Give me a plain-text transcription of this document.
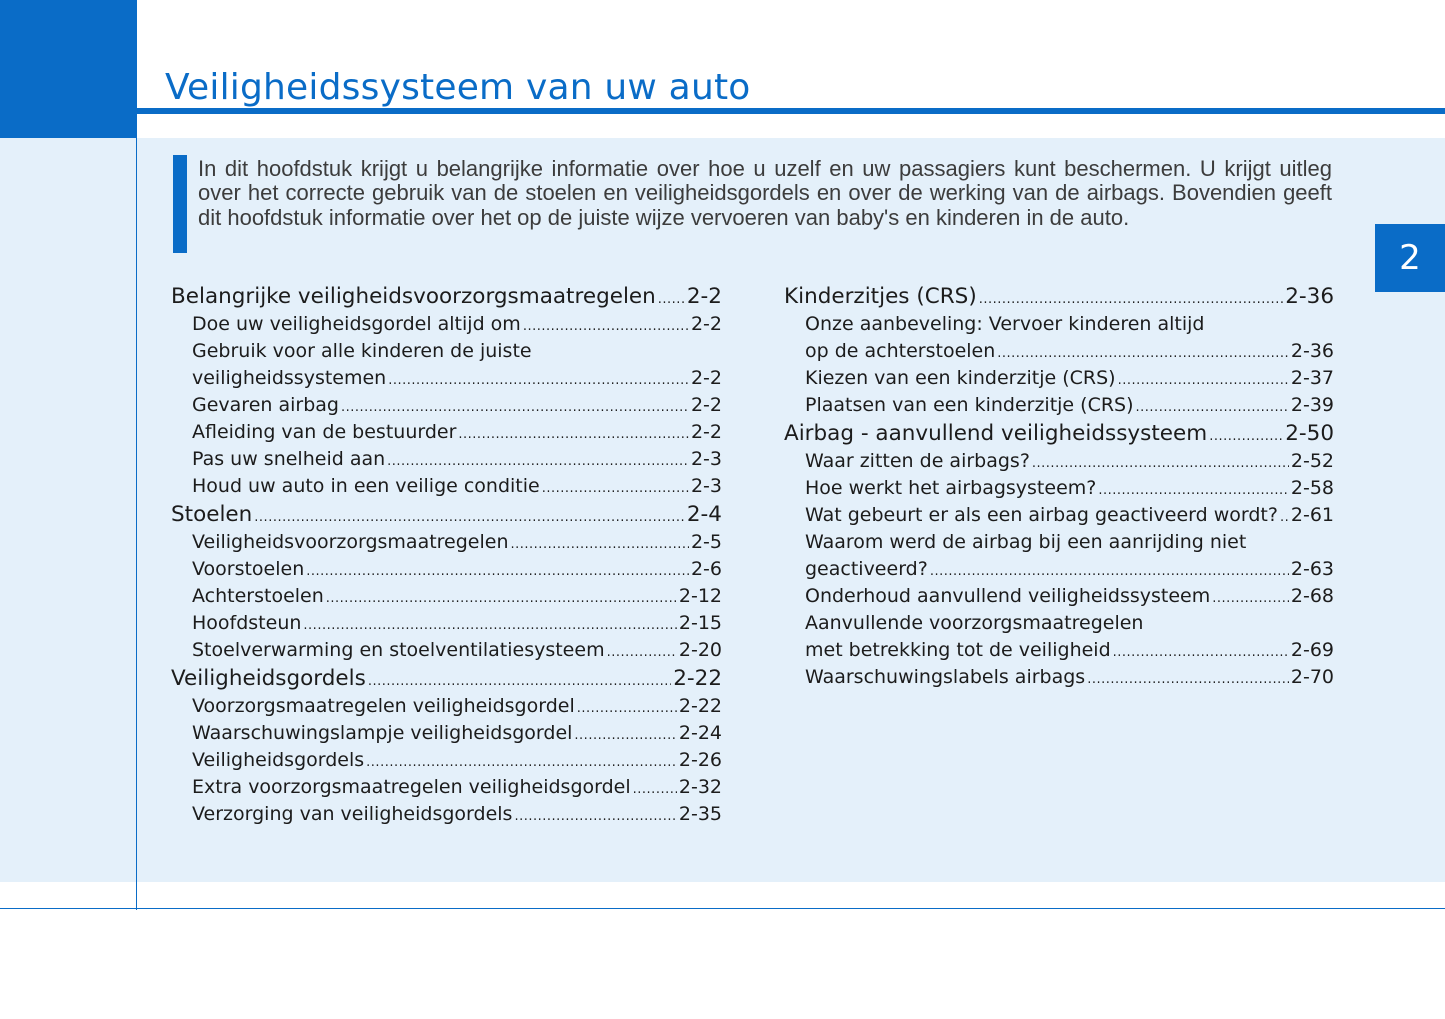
Veiligheidssysteem van uw auto
2

In dit hoofdstuk krijgt u belangrijke informatie over hoe u uzelf en uw passagiers kunt beschermen. U krijgt uitleg over het correcte gebruik van de stoelen en veiligheidsgordels en over de werking van de airbags. Bovendien geeft dit hoofdstuk informatie over het op de juiste wijze vervoeren van baby's en kinderen in de auto.

Belangrijke veiligheidsvoorzorgsmaatregelen ..... 2-2
Doe uw veiligheidsgordel altijd om .....	2-2
Gebruik voor alle kinderen de juiste
veiligheidssystemen .....	2-2
Gevaren airbag .....	2-2
Afleiding van de bestuurder .....	2-2
Pas uw snelheid aan .....	2-3
Houd uw auto in een veilige conditie .....	2-3
Stoelen .....	2-4
Veiligheidsvoorzorgsmaatregelen .....	2-5
Voorstoelen .....	2-6
Achterstoelen .....	2-12
Hoofdsteun .....	2-15
Stoelverwarming en stoelventilatiesysteem .....	2-20
Veiligheidsgordels .....	2-22
Voorzorgsmaatregelen veiligheidsgordel .....	2-22
Waarschuwingslampje veiligheidsgordel .....	2-24
Veiligheidsgordels .....	2-26
Extra voorzorgsmaatregelen veiligheidsgordel .....	2-32
Verzorging van veiligheidsgordels .....	2-35
Kinderzitjes (CRS) .....	2-36
Onze aanbeveling: Vervoer kinderen altijd
op de achterstoelen .....	2-36
Kiezen van een kinderzitje (CRS) .....	2-37
Plaatsen van een kinderzitje (CRS) .....	2-39
Airbag - aanvullend veiligheidssysteem .....	2-50
Waar zitten de airbags? .....	2-52
Hoe werkt het airbagsysteem? .....	2-58
Wat gebeurt er als een airbag geactiveerd wordt? ..... 2-61
Waarom werd de airbag bij een aanrijding niet
geactiveerd? .....	2-63
Onderhoud aanvullend veiligheidssysteem .....	2-68
Aanvullende voorzorgsmaatregelen
met betrekking tot de veiligheid .....	2-69
Waarschuwingslabels airbags .....	2-70
